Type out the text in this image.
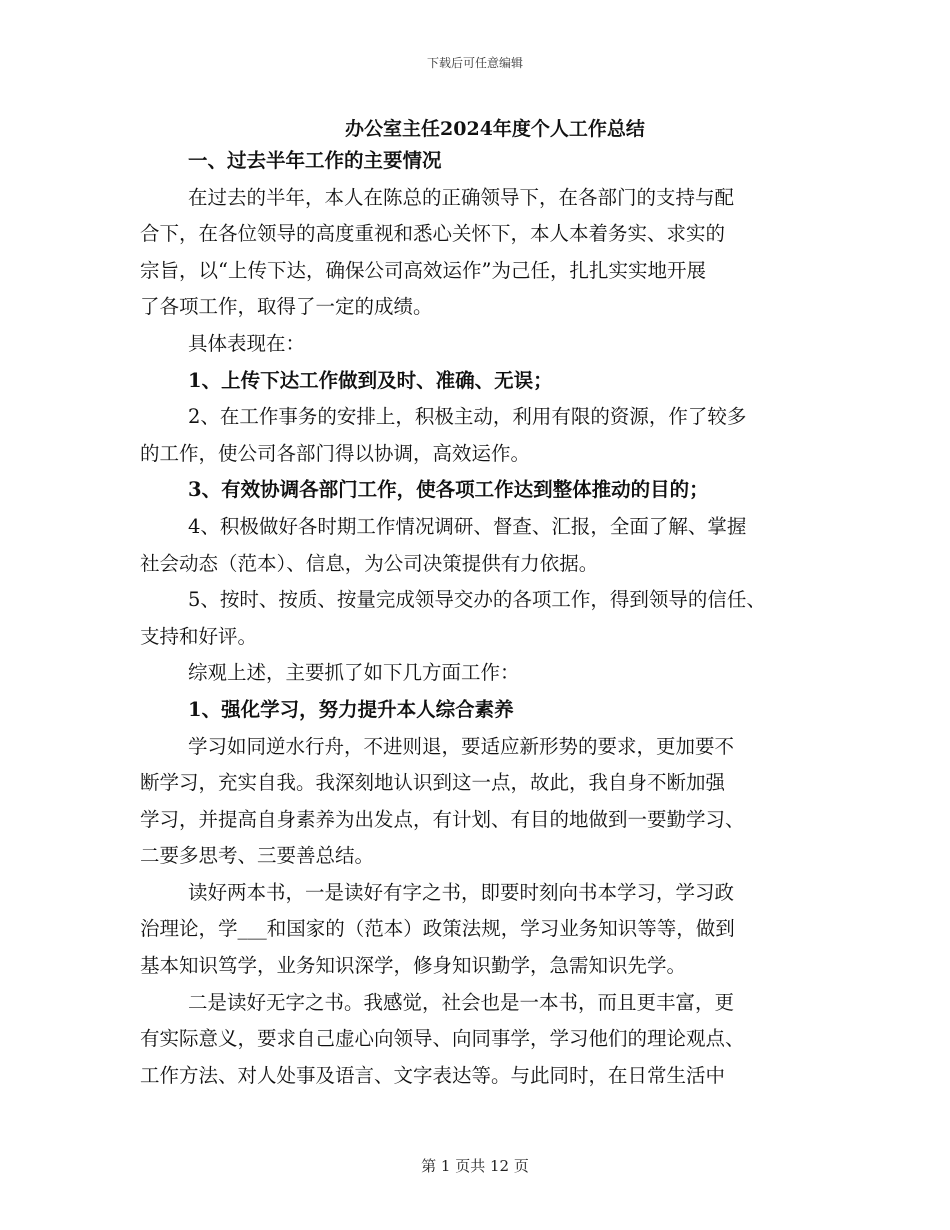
下载后可任意编辑
办公室主任2024年度个人工作总结

一、过去半年工作的主要情况

在过去的半年，本人在陈总的正确领导下，在各部门的支持与配

合下，在各位领导的高度重视和悉心关怀下，本人本着务实、求实的

宗旨，以“上传下达，确保公司高效运作”为己任，扎扎实实地开展

了各项工作，取得了一定的成绩。

具体表现在：

1、上传下达工作做到及时、准确、无误；

2、在工作事务的安排上，积极主动，利用有限的资源，作了较多

的工作，使公司各部门得以协调，高效运作。

3、有效协调各部门工作，使各项工作达到整体推动的目的；

4、积极做好各时期工作情况调研、督查、汇报，全面了解、掌握

社会动态（范本）、信息，为公司决策提供有力依据。

5、按时、按质、按量完成领导交办的各项工作，得到领导的信任、

支持和好评。

综观上述，主要抓了如下几方面工作：

1、强化学习，努力提升本人综合素养

学习如同逆水行舟，不进则退，要适应新形势的要求，更加要不

断学习，充实自我。我深刻地认识到这一点，故此，我自身不断加强

学习，并提高自身素养为出发点，有计划、有目的地做到一要勤学习、

二要多思考、三要善总结。

读好两本书，一是读好有字之书，即要时刻向书本学习，学习政

治理论，学___和国家的（范本）政策法规，学习业务知识等等，做到

基本知识笃学，业务知识深学，修身知识勤学，急需知识先学。

二是读好无字之书。我感觉，社会也是一本书，而且更丰富，更

有实际意义，要求自己虚心向领导、向同事学，学习他们的理论观点、

工作方法、对人处事及语言、文字表达等。与此同时，在日常生活中

第 1 页共 12 页
